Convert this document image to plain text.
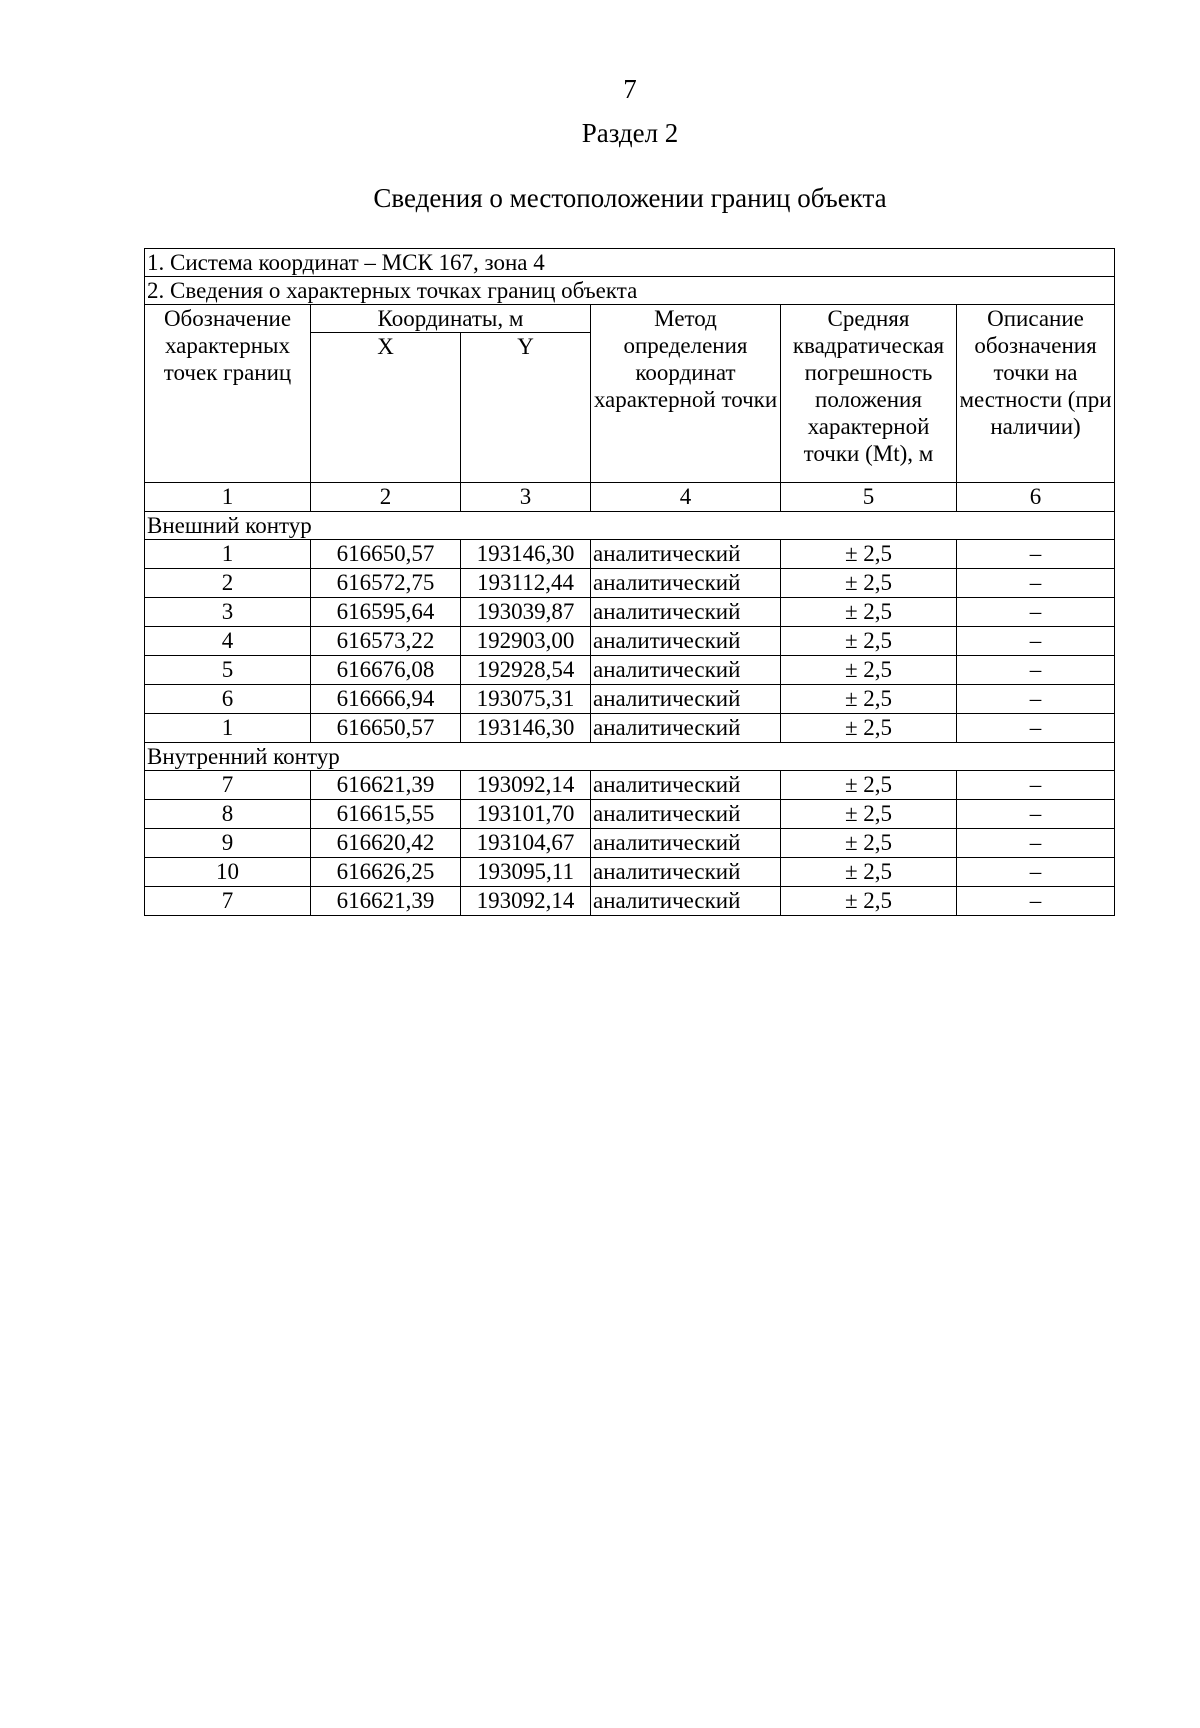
7
Раздел 2
Сведения о местоположении границ объекта
1. Система координат – МСК 167, зона 4					
2. Сведения о характерных точках границ объекта					
Обозначение характерных точек границ	Координаты, м		Метод определения координат характерной точки	Средняя квадратическая погрешность положения характерной точки (Mt), м	Описание обозначения точки на местности (при наличии)
	X	Y			
1	2	3	4	5	6
Внешний контур					
1	616650,57	193146,30	аналитический	± 2,5	–
2	616572,75	193112,44	аналитический	± 2,5	–
3	616595,64	193039,87	аналитический	± 2,5	–
4	616573,22	192903,00	аналитический	± 2,5	–
5	616676,08	192928,54	аналитический	± 2,5	–
6	616666,94	193075,31	аналитический	± 2,5	–
1	616650,57	193146,30	аналитический	± 2,5	–
Внутренний контур					
7	616621,39	193092,14	аналитический	± 2,5	–
8	616615,55	193101,70	аналитический	± 2,5	–
9	616620,42	193104,67	аналитический	± 2,5	–
10	616626,25	193095,11	аналитический	± 2,5	–
7	616621,39	193092,14	аналитический	± 2,5	–
